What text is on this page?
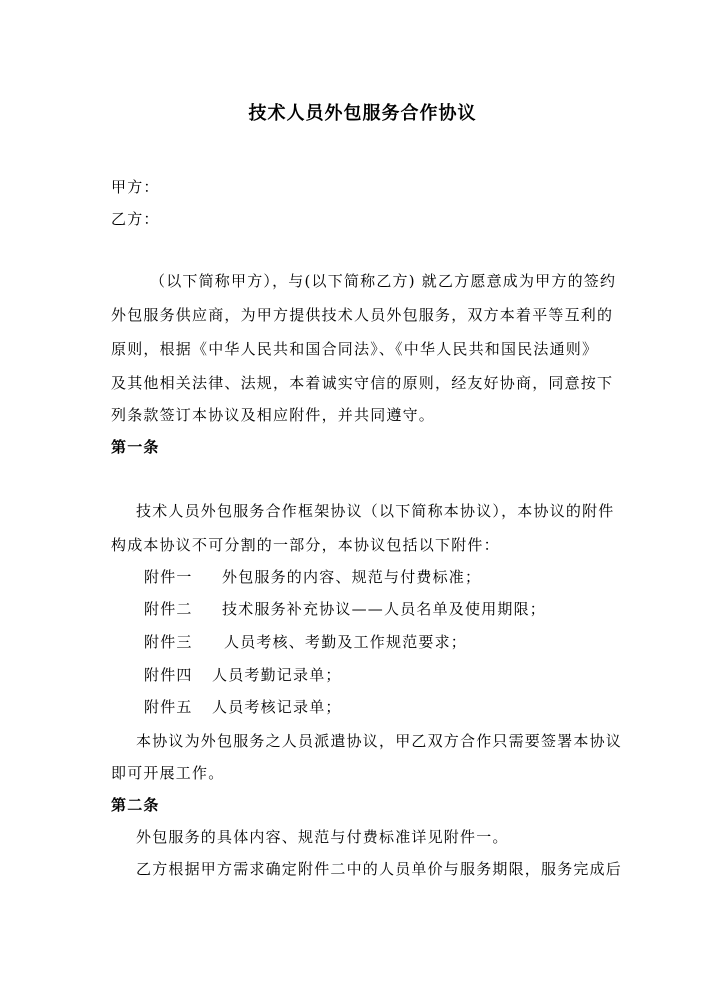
技术人员外包服务合作协议
甲方：
乙方：
（以下简称甲方），与(以下简称乙方) 就乙方愿意成为甲方的签约
外包服务供应商，为甲方提供技术人员外包服务，双方本着平等互利的
原则，根据《中华人民共和国合同法》、《中华人民共和国民法通则》
及其他相关法律、法规，本着诚实守信的原则，经友好协商，同意按下
列条款签订本协议及相应附件，并共同遵守。
第一条
技术人员外包服务合作框架协议（以下简称本协议），本协议的附件
构成本协议不可分割的一部分，本协议包括以下附件：
附件一 外包服务的内容、规范与付费标准；
附件二 技术服务补充协议——人员名单及使用期限；
附件三 人员考核、考勤及工作规范要求；
附件四 人员考勤记录单；
附件五 人员考核记录单；
本协议为外包服务之人员派遣协议，甲乙双方合作只需要签署本协议
即可开展工作。
第二条
外包服务的具体内容、规范与付费标准详见附件一。
乙方根据甲方需求确定附件二中的人员单价与服务期限，服务完成后
